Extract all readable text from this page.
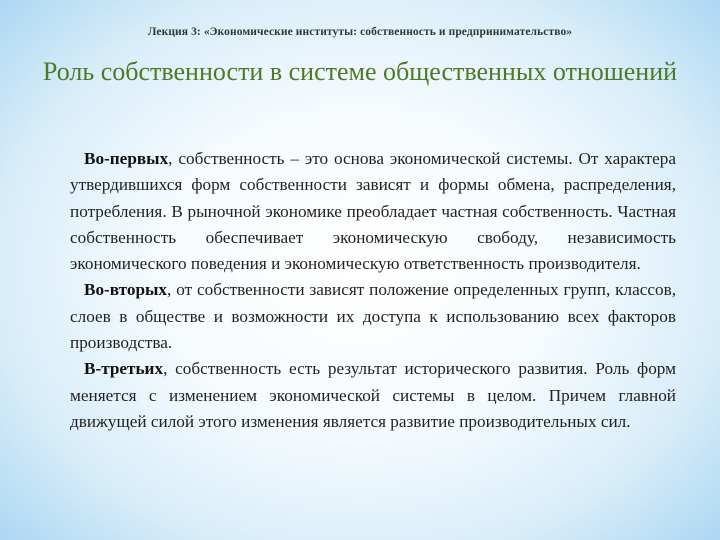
Лекция 3: «Экономические институты: собственность и предпринимательство»
Роль собственности в системе общественных отношений

Во-первых, собственность – это основа экономической системы. От характера утвердившихся форм собственности зависят и формы обмена, распределения, потребления. В рыночной экономике преобладает частная собственность. Частная собственность обеспечивает экономическую свободу, независимость экономического поведения и экономическую ответственность производителя.

Во-вторых, от собственности зависят положение определенных групп, классов, слоев в обществе и возможности их доступа к использованию всех факторов производства.

В-третьих, собственность есть результат исторического развития. Роль форм меняется с изменением экономической системы в целом. Причем главной движущей силой этого изменения является развитие производительных сил.
